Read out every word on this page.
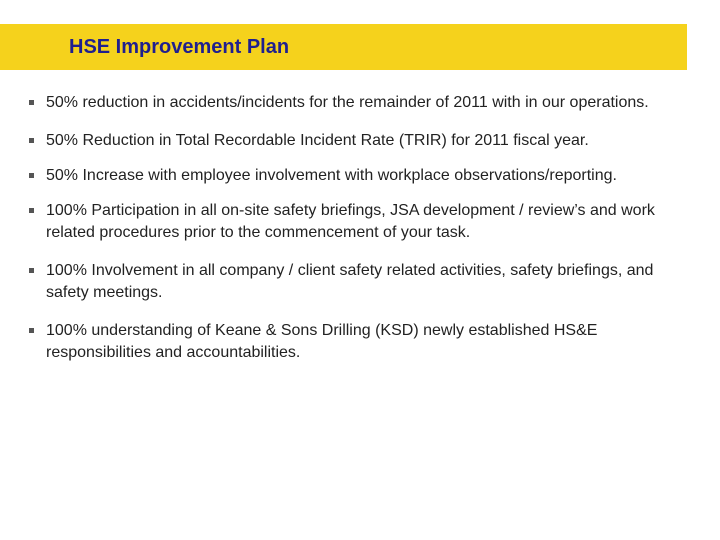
HSE Improvement Plan
50% reduction in accidents/incidents for the remainder of 2011 with in our operations.
50% Reduction in Total Recordable Incident Rate (TRIR) for 2011 fiscal year.
50% Increase with employee involvement with workplace observations/reporting.
100% Participation in all on-site safety briefings, JSA development / review’s and work related procedures prior to the commencement of your task.
100% Involvement in all company / client safety related activities, safety briefings, and safety meetings.
100% understanding of Keane & Sons Drilling (KSD) newly established HS&E responsibilities and accountabilities.
